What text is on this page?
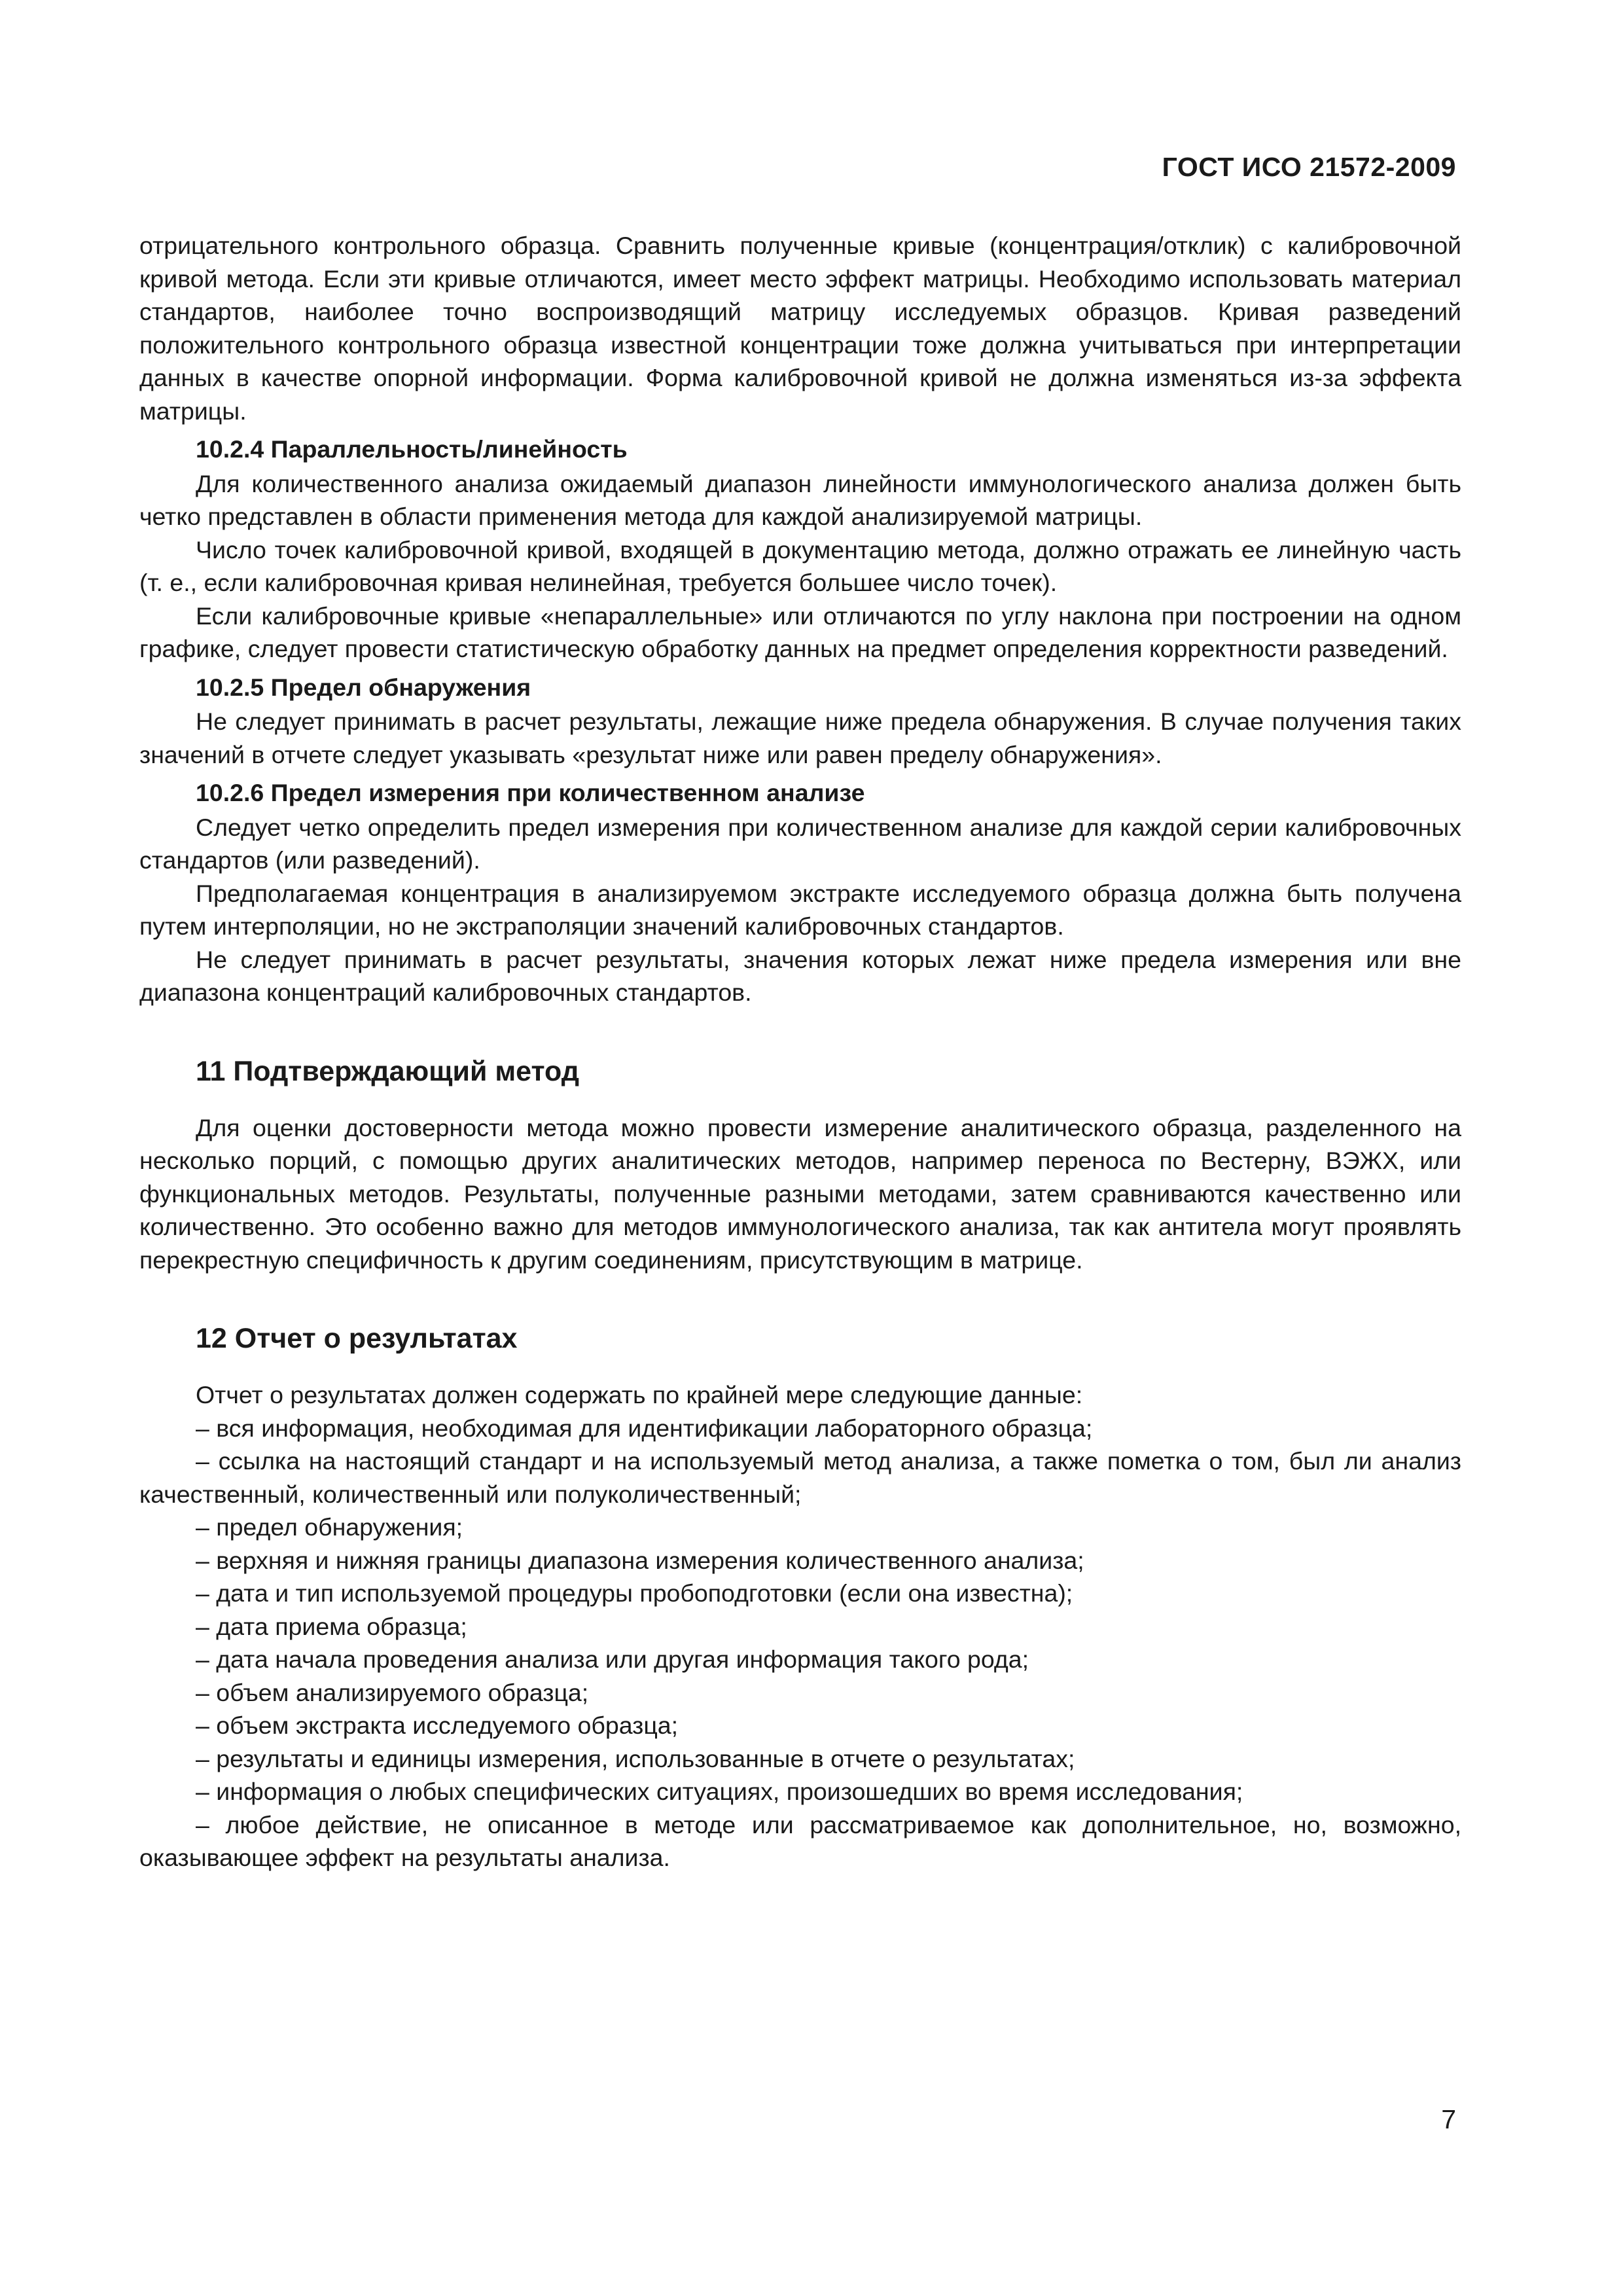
ГОСТ ИСО 21572-2009

отрицательного контрольного образца. Сравнить полученные кривые (концентрация/отклик) с калибровочной кривой метода. Если эти кривые отличаются, имеет место эффект матрицы. Необходимо использовать материал стандартов, наиболее точно воспроизводящий матрицу исследуемых образцов. Кривая разведений положительного контрольного образца известной концентрации тоже должна учитываться при интерпретации данных в качестве опорной информации. Форма калибровочной кривой не должна изменяться из-за эффекта матрицы.

10.2.4 Параллельность/линейность

Для количественного анализа ожидаемый диапазон линейности иммунологического анализа должен быть четко представлен в области применения метода для каждой анализируемой матрицы.

Число точек калибровочной кривой, входящей в документацию метода, должно отражать ее линейную часть (т. е., если калибровочная кривая нелинейная, требуется большее число точек).

Если калибровочные кривые «непараллельные» или отличаются по углу наклона при построении на одном графике, следует провести статистическую обработку данных на предмет определения корректности разведений.

10.2.5 Предел обнаружения

Не следует принимать в расчет результаты, лежащие ниже предела обнаружения. В случае получения таких значений в отчете следует указывать «результат ниже или равен пределу обнаружения».

10.2.6 Предел измерения при количественном анализе

Следует четко определить предел измерения при количественном анализе для каждой серии калибровочных стандартов (или разведений).

Предполагаемая концентрация в анализируемом экстракте исследуемого образца должна быть получена путем интерполяции, но не экстраполяции значений калибровочных стандартов.

Не следует принимать в расчет результаты, значения которых лежат ниже предела измерения или вне диапазона концентраций калибровочных стандартов.

11 Подтверждающий метод

Для оценки достоверности метода можно провести измерение аналитического образца, разделенного на несколько порций, с помощью других аналитических методов, например переноса по Вестерну, ВЭЖХ, или функциональных методов. Результаты, полученные разными методами, затем сравниваются качественно или количественно. Это особенно важно для методов иммунологического анализа, так как антитела могут проявлять перекрестную специфичность к другим соединениям, присутствующим в матрице.

12 Отчет о результатах

Отчет о результатах должен содержать по крайней мере следующие данные:

– вся информация, необходимая для идентификации лабораторного образца;

– ссылка на настоящий стандарт и на используемый метод анализа, а также пометка о том, был ли анализ качественный, количественный или полуколичественный;

– предел обнаружения;

– верхняя и нижняя границы диапазона измерения количественного анализа;

– дата и тип используемой процедуры пробоподготовки (если она известна);

– дата приема образца;

– дата начала проведения анализа или другая информация такого рода;

– объем анализируемого образца;

– объем экстракта исследуемого образца;

– результаты и единицы измерения, использованные в отчете о результатах;

– информация о любых специфических ситуациях, произошедших во время исследования;

– любое действие, не описанное в методе или рассматриваемое как дополнительное, но, возможно, оказывающее эффект на результаты анализа.

7
